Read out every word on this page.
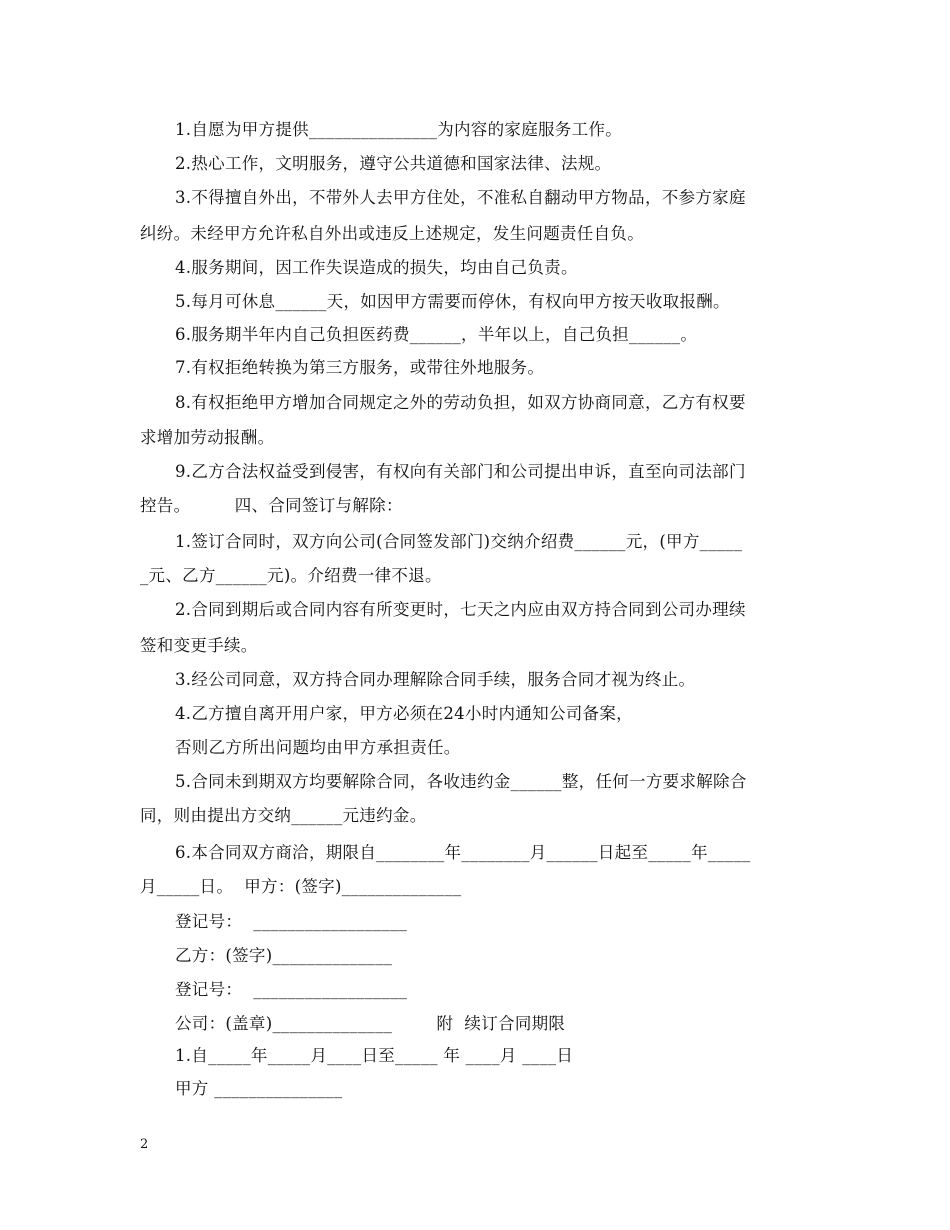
1.自愿为甲方提供_______________为内容的家庭服务工作。
2.热心工作，文明服务，遵守公共道德和国家法律、法规。
3.不得擅自外出，不带外人去甲方住处，不准私自翻动甲方物品，不参方家庭
纠纷。未经甲方允许私自外出或违反上述规定，发生问题责任自负。
4.服务期间，因工作失误造成的损失，均由自己负责。
5.每月可休息______天，如因甲方需要而停休，有权向甲方按天收取报酬。
6.服务期半年内自己负担医药费______，半年以上，自己负担______。
7.有权拒绝转换为第三方服务，或带往外地服务。
8.有权拒绝甲方增加合同规定之外的劳动负担，如双方协商同意，乙方有权要
求增加劳动报酬。
9.乙方合法权益受到侵害，有权向有关部门和公司提出申诉，直至向司法部门
控告。        四、合同签订与解除：
1.签订合同时，双方向公司(合同签发部门)交纳介绍费______元，(甲方_____
_元、乙方______元)。介绍费一律不退。
2.合同到期后或合同内容有所变更时，七天之内应由双方持合同到公司办理续
签和变更手续。
3.经公司同意，双方持合同办理解除合同手续，服务合同才视为终止。
4.乙方擅自离开用户家，甲方必须在24小时内通知公司备案，
否则乙方所出问题均由甲方承担责任。
5.合同未到期双方均要解除合同，各收违约金______整，任何一方要求解除合
同，则由提出方交纳______元违约金。
6.本合同双方商洽，期限自________年________月______日起至_____年_____
月_____日。  甲方：(签字)______________
登记号：  __________________
乙方：(签字)______________
登记号：  __________________
公司：(盖章)______________        附  续订合同期限
1.自_____年_____月____日至_____ 年 ____月 ____日
甲方 _______________
2
